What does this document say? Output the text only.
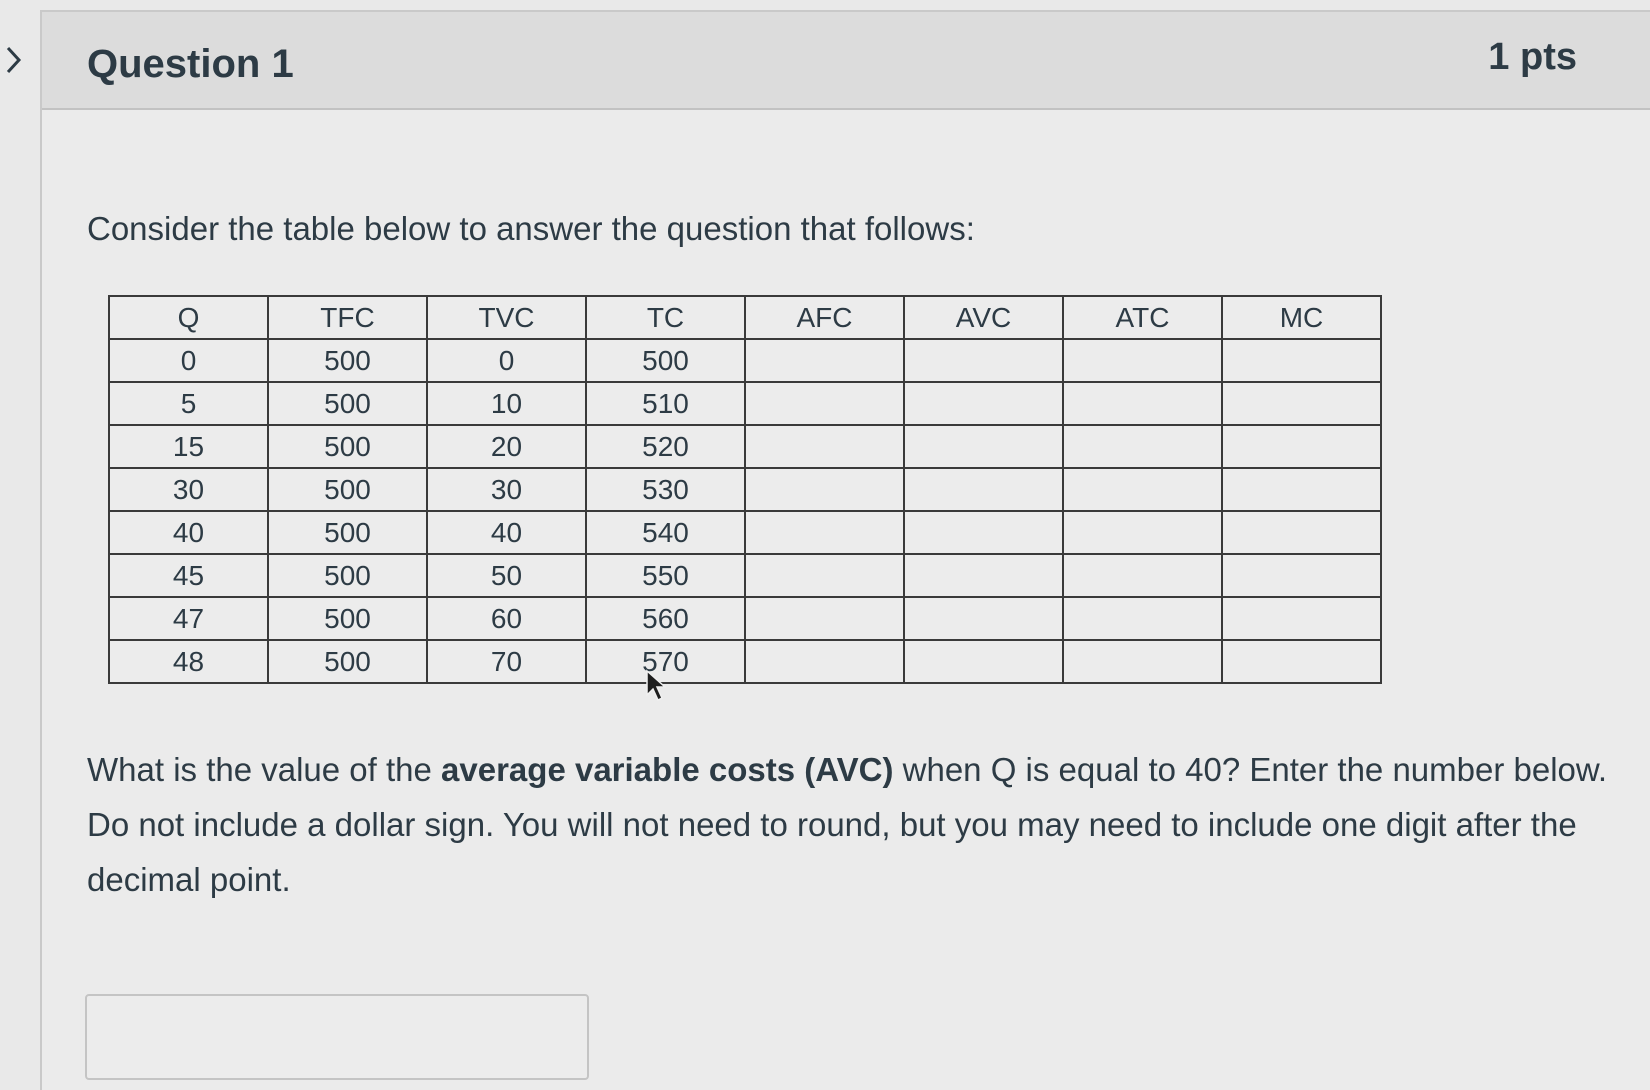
Question 1	1 pts
Consider the table below to answer the question that follows:
Q	TFC	TVC	TC	AFC	AVC	ATC	MC
0	500	0	500				
5	500	10	510				
15	500	20	520				
30	500	30	530				
40	500	40	540				
45	500	50	550				
47	500	60	560				
48	500	70	570				
What is the value of the average variable costs (AVC) when Q is equal to 40? Enter the number below. Do not include a dollar sign. You will not need to round, but you may need to include one digit after the decimal point.
